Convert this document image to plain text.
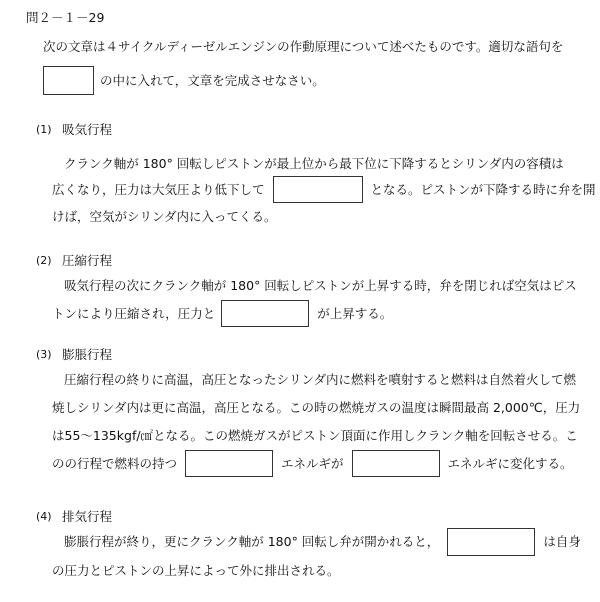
問２－１－29
次の文章は４サイクルディーゼルエンジンの作動原理について述べたものです。適切な語句を
の中に入れて，文章を完成させなさい。
(1) 吸気行程
クランク軸が 180° 回転しピストンが最上位から最下位に下降するとシリンダ内の容積は
広くなり，圧力は大気圧より低下して	となる。ピストンが下降する時に弁を開
けば，空気がシリンダ内に入ってくる。
(2) 圧縮行程
吸気行程の次にクランク軸が 180° 回転しピストンが上昇する時，弁を閉じれば空気はピス
トンにより圧縮され，圧力と	が上昇する。
(3) 膨脹行程
圧縮行程の終りに高温，高圧となったシリンダ内に燃料を噴射すると燃料は自然着火して燃
焼しシリンダ内は更に高温，高圧となる。この時の燃焼ガスの温度は瞬間最高 2,000℃，圧力
は55～135kgf/㎠となる。この燃焼ガスがピストン頂面に作用しクランク軸を回転させる。こ
のの行程で燃料の持つ	エネルギが	エネルギに変化する。
(4) 排気行程
膨脹行程が終り，更にクランク軸が 180° 回転し弁が開かれると，	は自身
の圧力とピストンの上昇によって外に排出される。
